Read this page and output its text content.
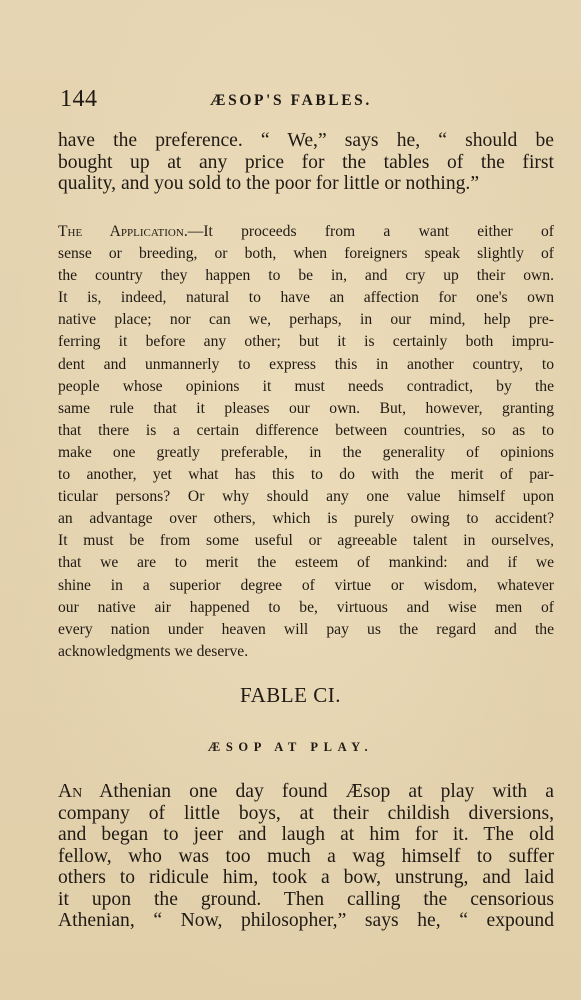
144	ÆSOP'S FABLES.
have the preference. “ We,” says he, “ should be
bought up at any price for the tables of the first
quality, and you sold to the poor for little or nothing.”
The Application.—It proceeds from a want either of
sense or breeding, or both, when foreigners speak slightly of
the country they happen to be in, and cry up their own.
It is, indeed, natural to have an affection for one's own
native place; nor can we, perhaps, in our mind, help pre-
ferring it before any other; but it is certainly both impru-
dent and unmannerly to express this in another country, to
people whose opinions it must needs contradict, by the
same rule that it pleases our own. But, however, granting
that there is a certain difference between countries, so as to
make one greatly preferable, in the generality of opinions
to another, yet what has this to do with the merit of par-
ticular persons? Or why should any one value himself upon
an advantage over others, which is purely owing to accident?
It must be from some useful or agreeable talent in ourselves,
that we are to merit the esteem of mankind: and if we
shine in a superior degree of virtue or wisdom, whatever
our native air happened to be, virtuous and wise men of
every nation under heaven will pay us the regard and the
acknowledgments we deserve.
FABLE CI.
ÆSOP AT PLAY.
An Athenian one day found Æsop at play with a
company of little boys, at their childish diversions,
and began to jeer and laugh at him for it. The old
fellow, who was too much a wag himself to suffer
others to ridicule him, took a bow, unstrung, and laid
it upon the ground. Then calling the censorious
Athenian, “ Now, philosopher,” says he, “ expound
